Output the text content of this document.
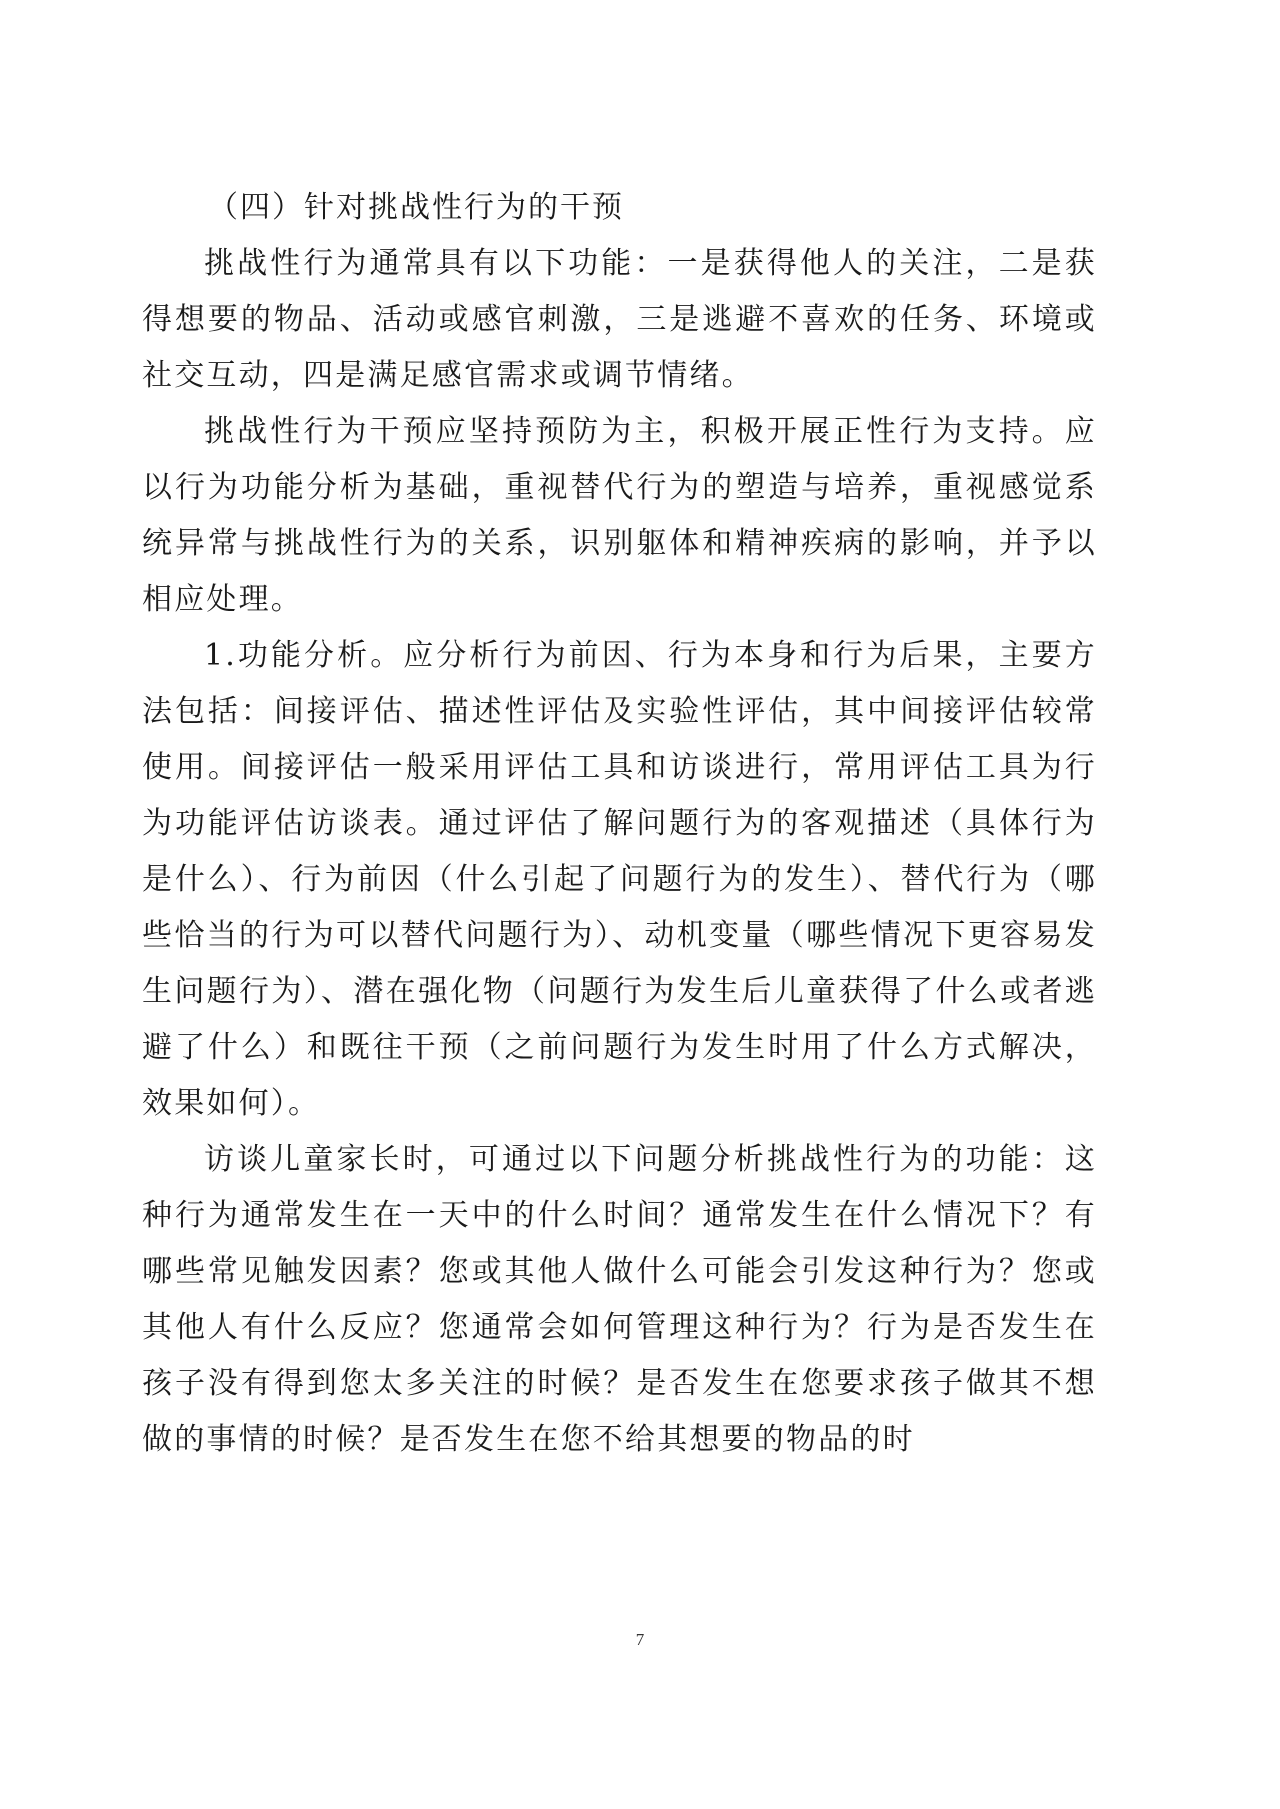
（四）针对挑战性行为的干预

挑战性行为通常具有以下功能：一是获得他人的关注，二是获得想要的物品、活动或感官刺激，三是逃避不喜欢的任务、环境或社交互动，四是满足感官需求或调节情绪。

挑战性行为干预应坚持预防为主，积极开展正性行为支持。应以行为功能分析为基础，重视替代行为的塑造与培养，重视感觉系统异常与挑战性行为的关系，识别躯体和精神疾病的影响，并予以相应处理。

1.功能分析。应分析行为前因、行为本身和行为后果，主要方法包括：间接评估、描述性评估及实验性评估，其中间接评估较常使用。间接评估一般采用评估工具和访谈进行，常用评估工具为行为功能评估访谈表。通过评估了解问题行为的客观描述（具体行为是什么）、行为前因（什么引起了问题行为的发生）、替代行为（哪些恰当的行为可以替代问题行为）、动机变量（哪些情况下更容易发生问题行为）、潜在强化物（问题行为发生后儿童获得了什么或者逃避了什么）和既往干预（之前问题行为发生时用了什么方式解决，效果如何）。

访谈儿童家长时，可通过以下问题分析挑战性行为的功能：这种行为通常发生在一天中的什么时间？通常发生在什么情况下？有哪些常见触发因素？您或其他人做什么可能会引发这种行为？您或其他人有什么反应？您通常会如何管理这种行为？行为是否发生在孩子没有得到您太多关注的时候？是否发生在您要求孩子做其不想做的事情的时候？是否发生在您不给其想要的物品的时

7
